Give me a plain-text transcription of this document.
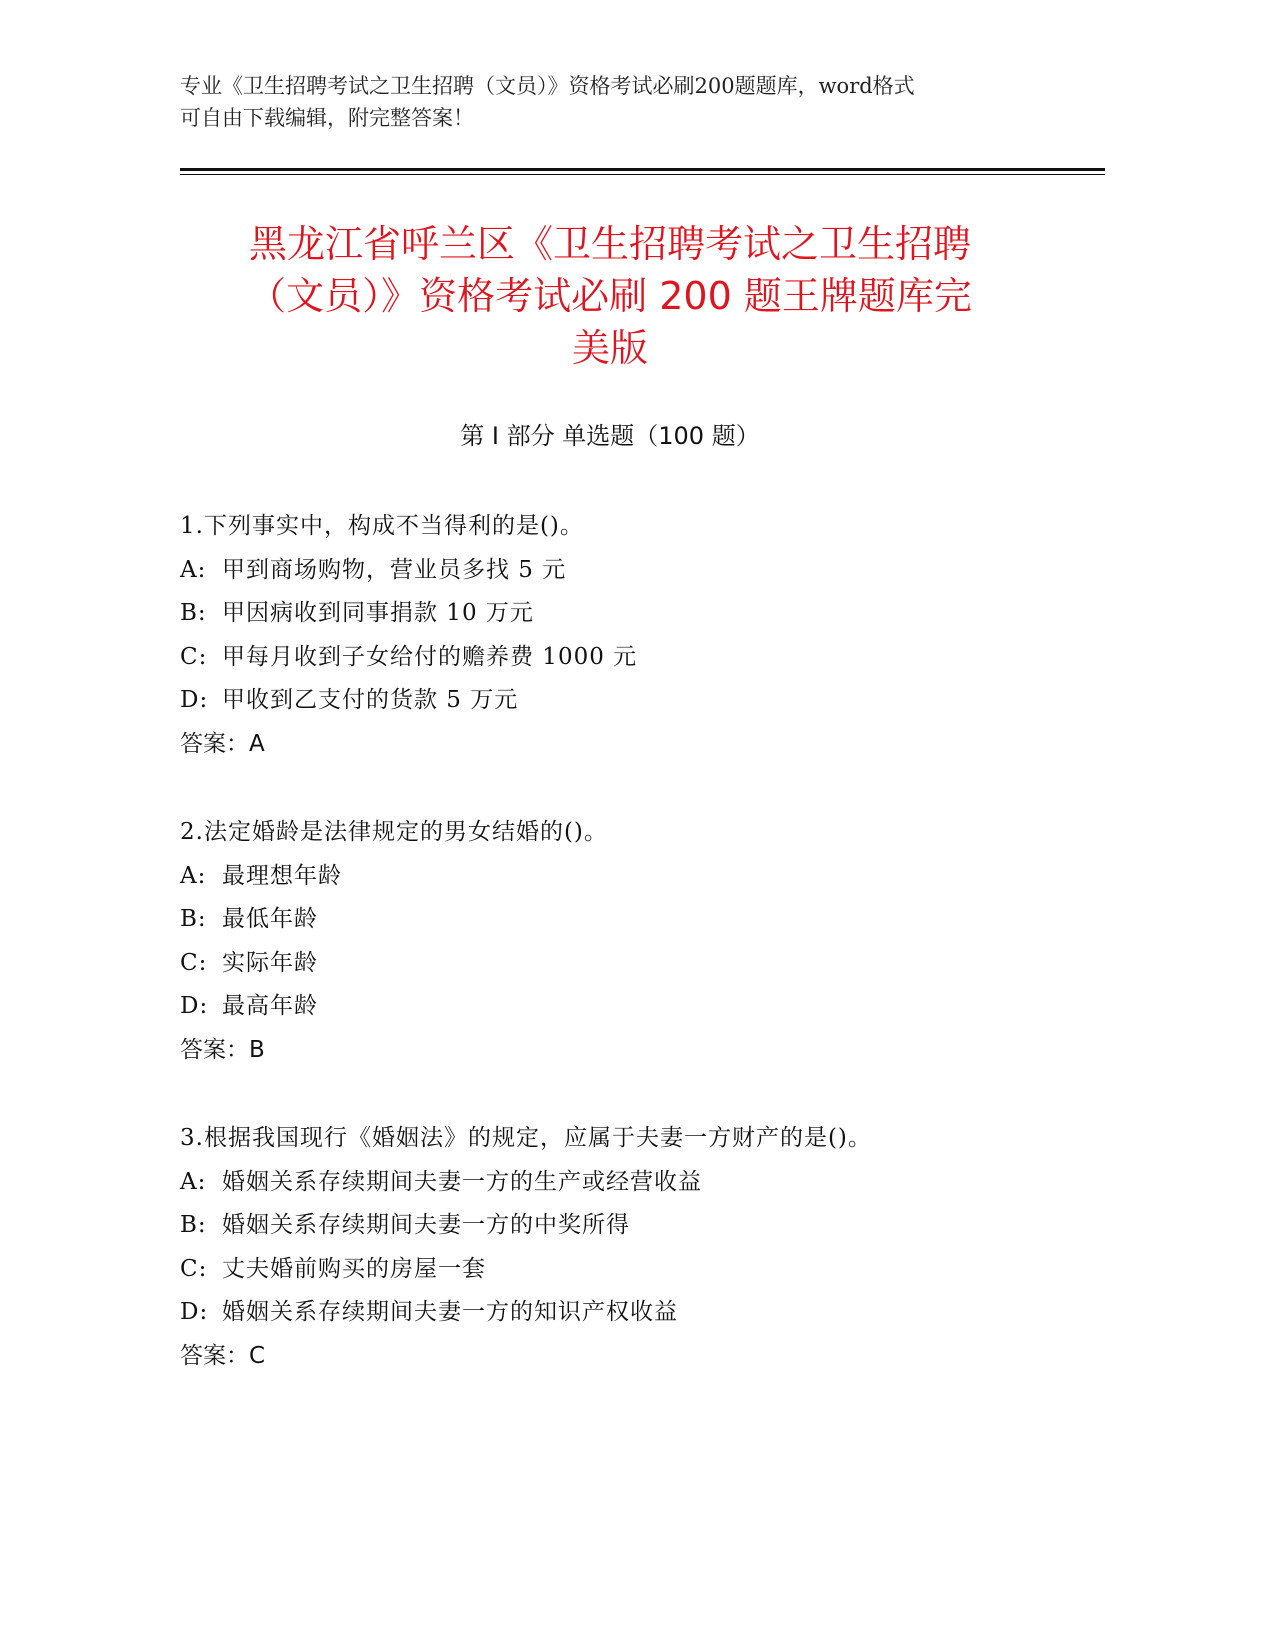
专业《卫生招聘考试之卫生招聘（文员）》资格考试必刷200题题库，word格式

可自由下载编辑，附完整答案！

黑龙江省呼兰区《卫生招聘考试之卫生招聘
（文员）》资格考试必刷 200 题王牌题库完
美版
第 I 部分 单选题（100 题）
1.下列事实中，构成不当得利的是()。
A: 甲到商场购物，营业员多找 5 元
B: 甲因病收到同事捐款 10 万元
C: 甲每月收到子女给付的赡养费 1000 元
D: 甲收到乙支付的货款 5 万元
答案：A
2.法定婚龄是法律规定的男女结婚的()。
A: 最理想年龄
B: 最低年龄
C: 实际年龄
D: 最高年龄
答案：B
3.根据我国现行《婚姻法》的规定，应属于夫妻一方财产的是()。
A: 婚姻关系存续期间夫妻一方的生产或经营收益
B: 婚姻关系存续期间夫妻一方的中奖所得
C: 丈夫婚前购买的房屋一套
D: 婚姻关系存续期间夫妻一方的知识产权收益
答案：C
